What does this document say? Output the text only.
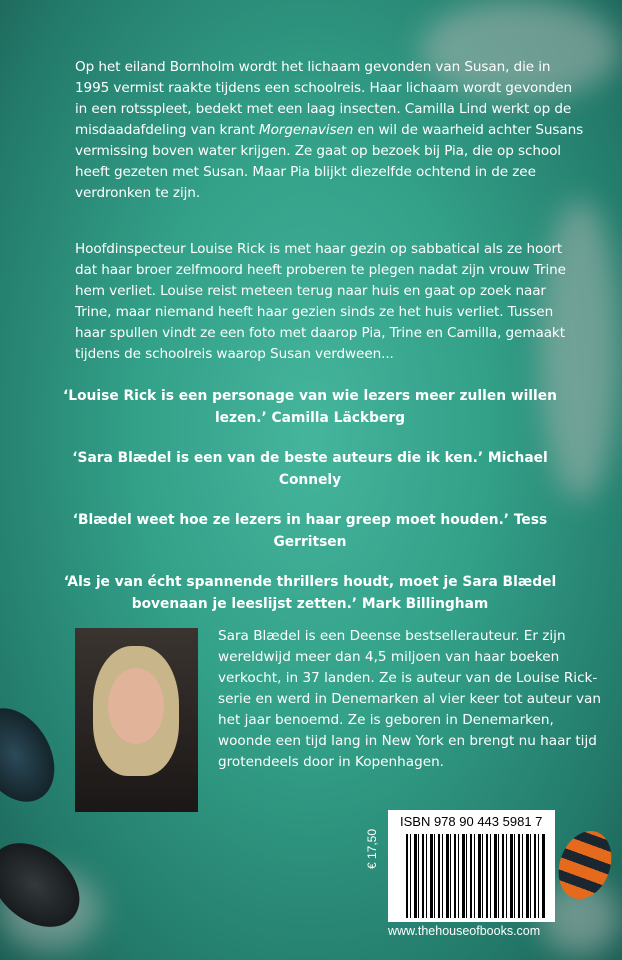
Op het eiland Bornholm wordt het lichaam gevonden van Susan, die in 1995 vermist raakte tijdens een schoolreis. Haar lichaam wordt gevonden in een rotsspleet, bedekt met een laag insecten. Camilla Lind werkt op de misdaadafdeling van krant Morgenavisen en wil de waarheid achter Susans vermissing boven water krijgen. Ze gaat op bezoek bij Pia, die op school heeft gezeten met Susan. Maar Pia blijkt diezelfde ochtend in de zee verdronken te zijn.
Hoofdinspecteur Louise Rick is met haar gezin op sabbatical als ze hoort dat haar broer zelfmoord heeft proberen te plegen nadat zijn vrouw Trine hem verliet. Louise reist meteen terug naar huis en gaat op zoek naar Trine, maar niemand heeft haar gezien sinds ze het huis verliet. Tussen haar spullen vindt ze een foto met daarop Pia, Trine en Camilla, gemaakt tijdens de schoolreis waarop Susan verdween...
‘Louise Rick is een personage van wie lezers meer zullen willen lezen.’ Camilla Läckberg
‘Sara Blædel is een van de beste auteurs die ik ken.’ Michael Connely
‘Blædel weet hoe ze lezers in haar greep moet houden.’ Tess Gerritsen
‘Als je van écht spannende thrillers houdt, moet je Sara Blædel bovenaan je leeslijst zetten.’ Mark Billingham
Sara Blædel is een Deense bestsellerauteur. Er zijn wereldwijd meer dan 4,5 miljoen van haar boeken verkocht, in 37 landen. Ze is auteur van de Louise Rick-serie en werd in Denemarken al vier keer tot auteur van het jaar benoemd. Ze is geboren in Denemarken, woonde een tijd lang in New York en brengt nu haar tijd grotendeels door in Kopenhagen.
€ 17,50
ISBN 978 90 443 5981 7
www.thehouseofbooks.com
